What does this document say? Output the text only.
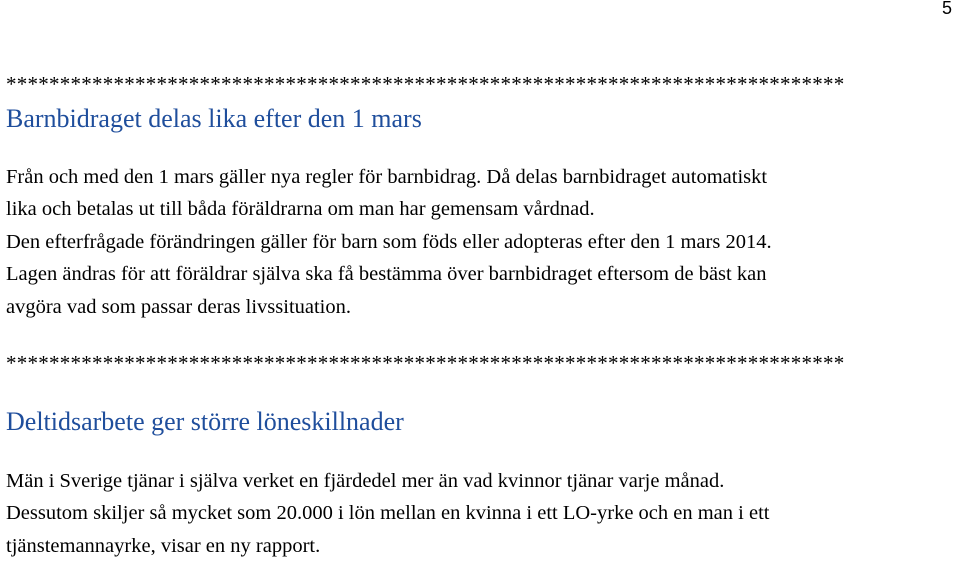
5
******************************************************************************
Barnbidraget delas lika efter den 1 mars
Från och med den 1 mars gäller nya regler för barnbidrag. Då delas barnbidraget automatiskt
lika och betalas ut till båda föräldrarna om man har gemensam vårdnad.
Den efterfrågade förändringen gäller för barn som föds eller adopteras efter den 1 mars 2014.
Lagen ändras för att föräldrar själva ska få bestämma över barnbidraget eftersom de bäst kan
avgöra vad som passar deras livssituation.
******************************************************************************
Deltidsarbete ger större löneskillnader
Män i Sverige tjänar i själva verket en fjärdedel mer än vad kvinnor tjänar varje månad.
Dessutom skiljer så mycket som 20.000 i lön mellan en kvinna i ett LO-yrke och en man i ett
tjänstemannayrke, visar en ny rapport.
